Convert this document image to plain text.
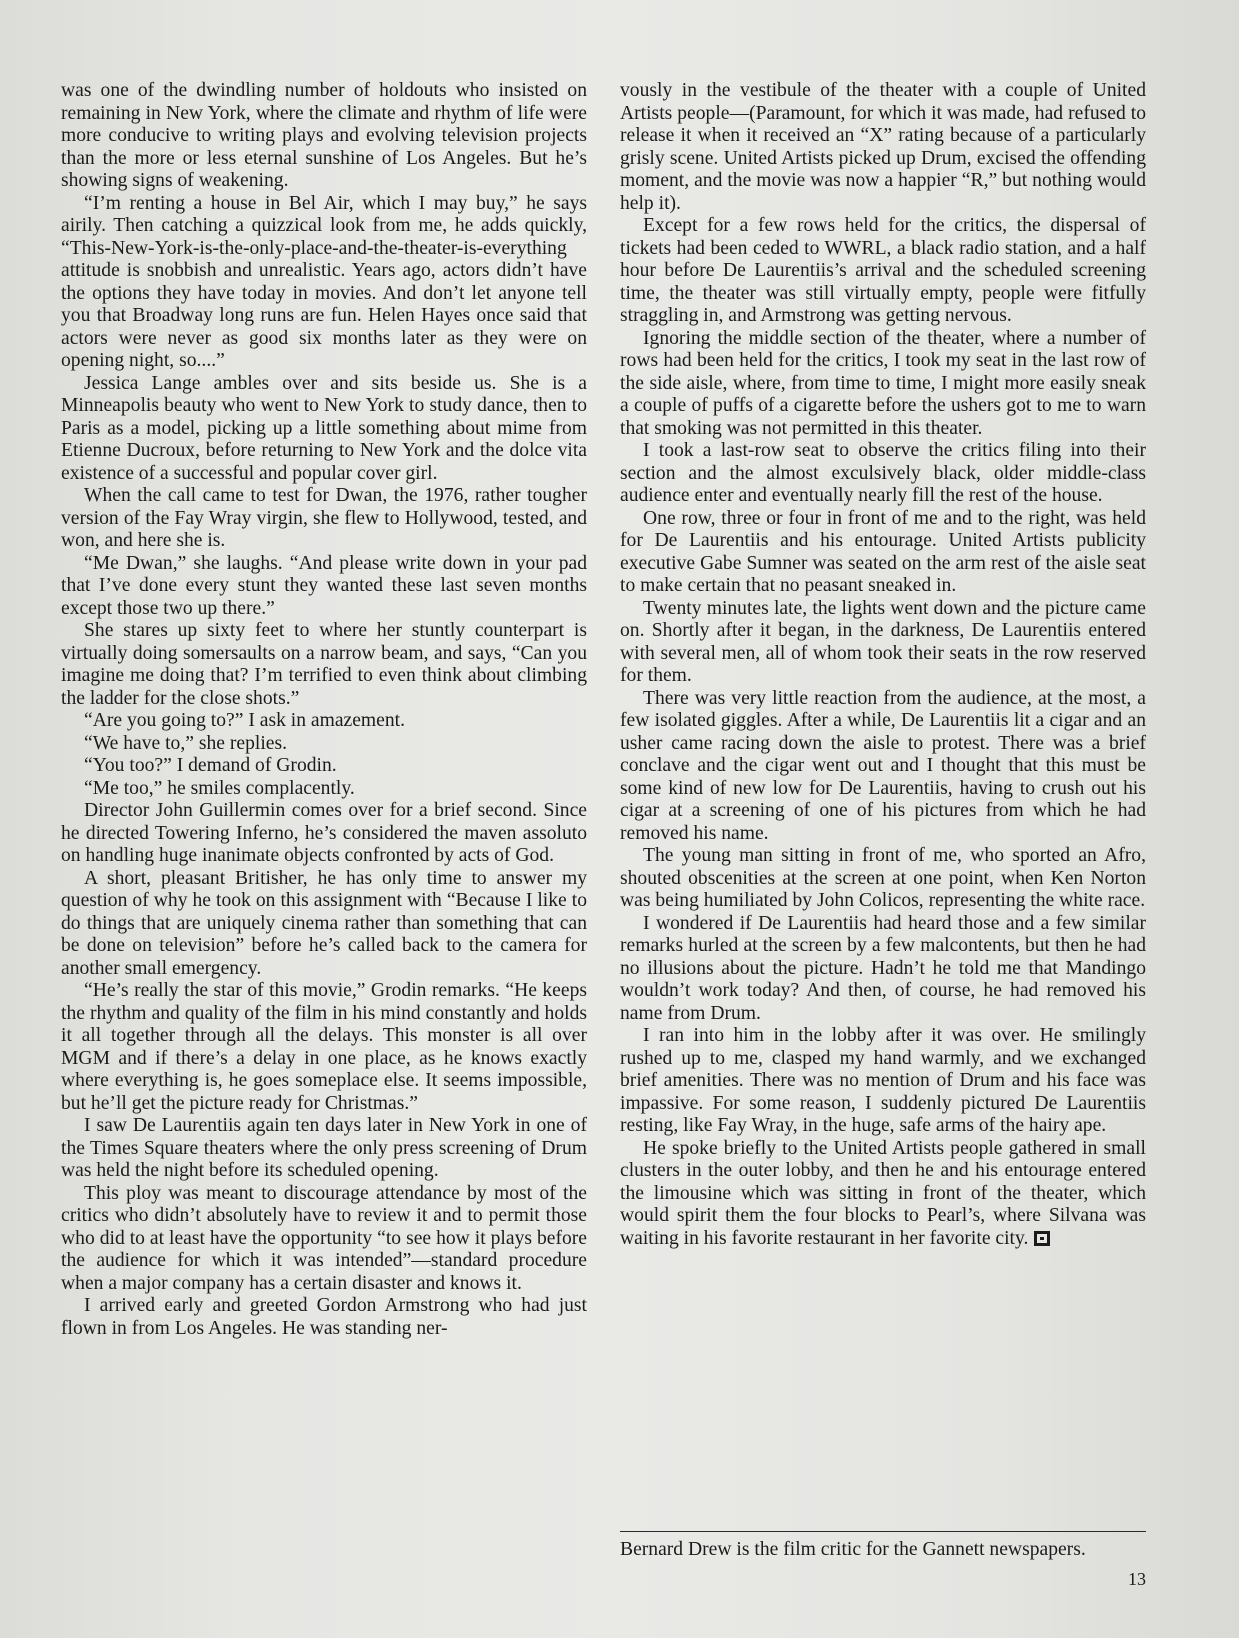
was one of the dwindling number of holdouts who insisted on remaining in New York, where the climate and rhythm of life were more conducive to writing plays and evolving television projects than the more or less eternal sunshine of Los Angeles. But he’s showing signs of weakening.

“I’m renting a house in Bel Air, which I may buy,” he says airily. Then catching a quizzical look from me, he adds quickly, “This-New-York-is-the-only-place-and-the-theater-is-everything attitude is snobbish and unrealistic. Years ago, actors didn’t have the options they have today in movies. And don’t let anyone tell you that Broadway long runs are fun. Helen Hayes once said that actors were never as good six months later as they were on opening night, so....”

Jessica Lange ambles over and sits beside us. She is a Minneapolis beauty who went to New York to study dance, then to Paris as a model, picking up a little something about mime from Etienne Ducroux, before returning to New York and the dolce vita existence of a successful and popular cover girl.

When the call came to test for Dwan, the 1976, rather tougher version of the Fay Wray virgin, she flew to Hollywood, tested, and won, and here she is.

“Me Dwan,” she laughs. “And please write down in your pad that I’ve done every stunt they wanted these last seven months except those two up there.”

She stares up sixty feet to where her stuntly counterpart is virtually doing somersaults on a narrow beam, and says, “Can you imagine me doing that? I’m terrified to even think about climbing the ladder for the close shots.”

“Are you going to?” I ask in amazement.

“We have to,” she replies.

“You too?” I demand of Grodin.

“Me too,” he smiles complacently.

Director John Guillermin comes over for a brief second. Since he directed Towering Inferno, he’s considered the maven assoluto on handling huge inanimate objects confronted by acts of God.

A short, pleasant Britisher, he has only time to answer my question of why he took on this assignment with “Because I like to do things that are uniquely cinema rather than something that can be done on television” before he’s called back to the camera for another small emergency.

“He’s really the star of this movie,” Grodin remarks. “He keeps the rhythm and quality of the film in his mind constantly and holds it all together through all the delays. This monster is all over MGM and if there’s a delay in one place, as he knows exactly where everything is, he goes someplace else. It seems impossible, but he’ll get the picture ready for Christmas.”

I saw De Laurentiis again ten days later in New York in one of the Times Square theaters where the only press screening of Drum was held the night before its scheduled opening.

This ploy was meant to discourage attendance by most of the critics who didn’t absolutely have to review it and to permit those who did to at least have the opportunity “to see how it plays before the audience for which it was intended”—standard procedure when a major company has a certain disaster and knows it.

I arrived early and greeted Gordon Armstrong who had just flown in from Los Angeles. He was standing ner-

vously in the vestibule of the theater with a couple of United Artists people—(Paramount, for which it was made, had refused to release it when it received an “X” rating because of a particularly grisly scene. United Artists picked up Drum, excised the offending moment, and the movie was now a happier “R,” but nothing would help it).

Except for a few rows held for the critics, the dispersal of tickets had been ceded to WWRL, a black radio station, and a half hour before De Laurentiis’s arrival and the scheduled screening time, the theater was still virtually empty, people were fitfully straggling in, and Armstrong was getting nervous.

Ignoring the middle section of the theater, where a number of rows had been held for the critics, I took my seat in the last row of the side aisle, where, from time to time, I might more easily sneak a couple of puffs of a cigarette before the ushers got to me to warn that smoking was not permitted in this theater.

I took a last-row seat to observe the critics filing into their section and the almost exculsively black, older middle-class audience enter and eventually nearly fill the rest of the house.

One row, three or four in front of me and to the right, was held for De Laurentiis and his entourage. United Artists publicity executive Gabe Sumner was seated on the arm rest of the aisle seat to make certain that no peasant sneaked in.

Twenty minutes late, the lights went down and the picture came on. Shortly after it began, in the darkness, De Laurentiis entered with several men, all of whom took their seats in the row reserved for them.

There was very little reaction from the audience, at the most, a few isolated giggles. After a while, De Laurentiis lit a cigar and an usher came racing down the aisle to protest. There was a brief conclave and the cigar went out and I thought that this must be some kind of new low for De Laurentiis, having to crush out his cigar at a screening of one of his pictures from which he had removed his name.

The young man sitting in front of me, who sported an Afro, shouted obscenities at the screen at one point, when Ken Norton was being humiliated by John Colicos, representing the white race.

I wondered if De Laurentiis had heard those and a few similar remarks hurled at the screen by a few malcontents, but then he had no illusions about the picture. Hadn’t he told me that Mandingo wouldn’t work today? And then, of course, he had removed his name from Drum.

I ran into him in the lobby after it was over. He smilingly rushed up to me, clasped my hand warmly, and we exchanged brief amenities. There was no mention of Drum and his face was impassive. For some reason, I suddenly pictured De Laurentiis resting, like Fay Wray, in the huge, safe arms of the hairy ape.

He spoke briefly to the United Artists people gathered in small clusters in the outer lobby, and then he and his entourage entered the limousine which was sitting in front of the theater, which would spirit them the four blocks to Pearl’s, where Silvana was waiting in his favorite restaurant in her favorite city.

Bernard Drew is the film critic for the Gannett newspapers.
13
